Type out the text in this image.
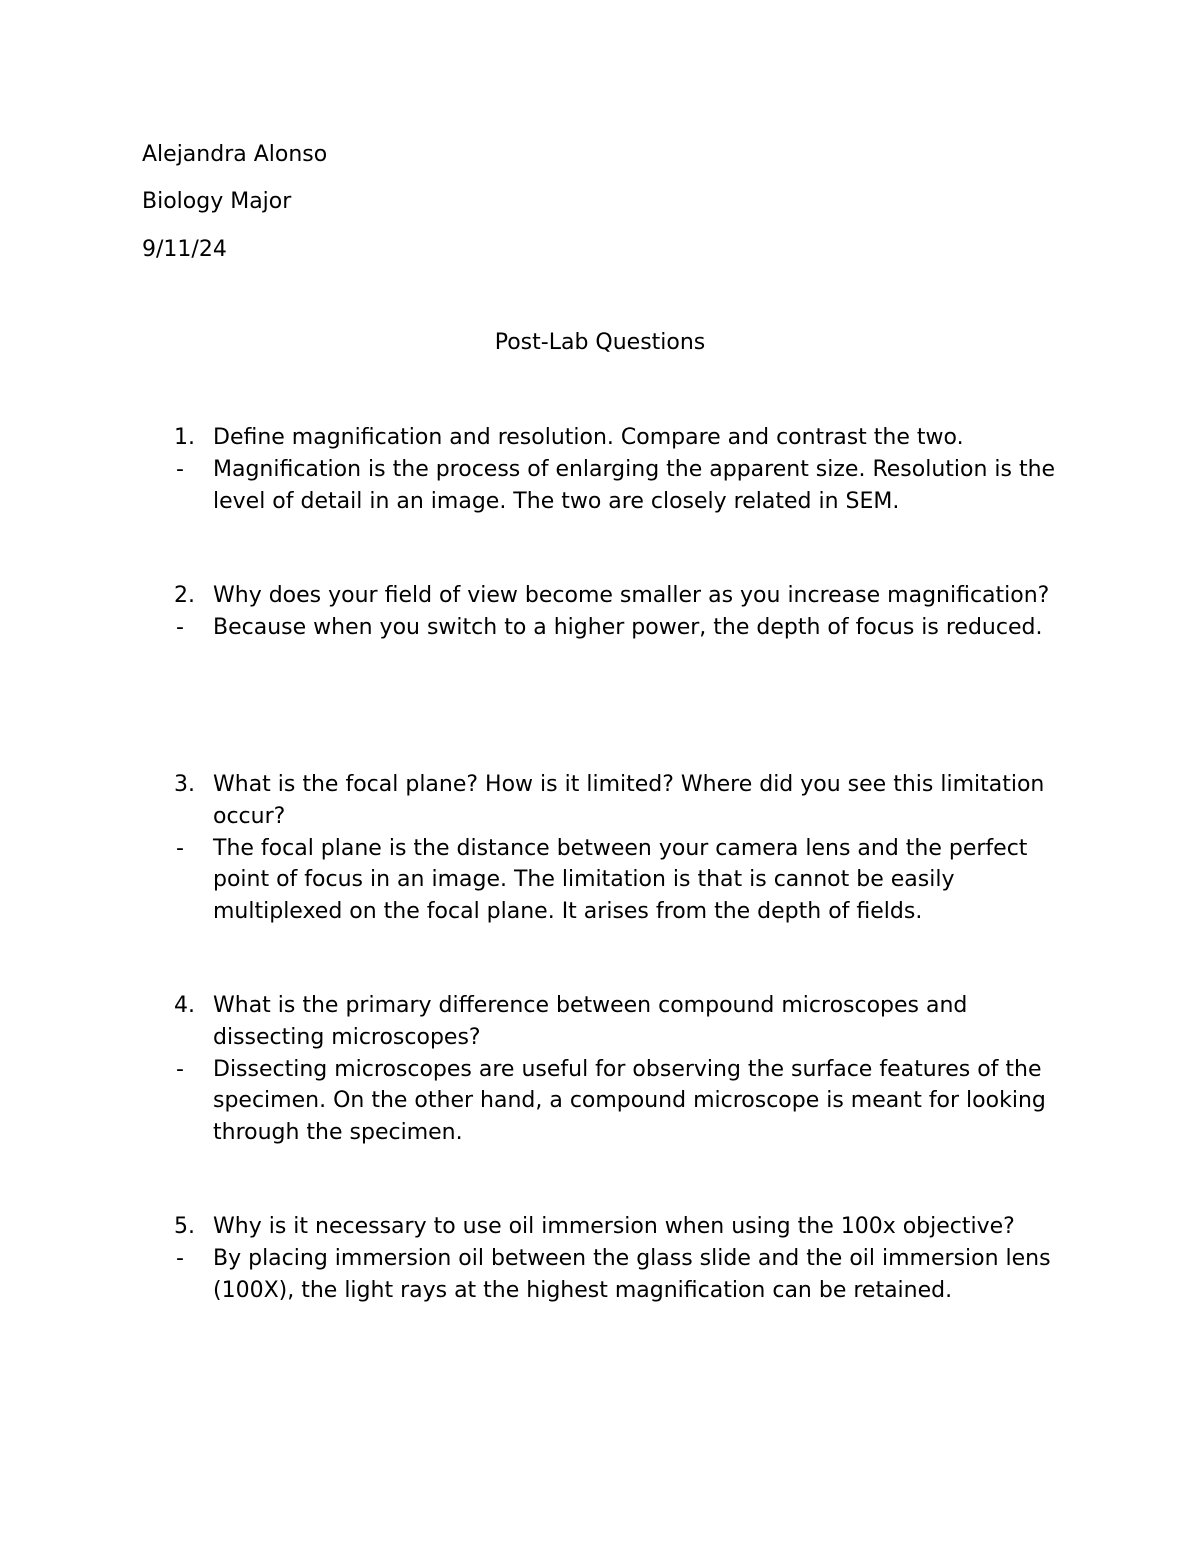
Alejandra Alonso
Biology Major
9/11/24
Post-Lab Questions
1. Define magnification and resolution. Compare and contrast the two.
- Magnification is the process of enlarging the apparent size. Resolution is the level of detail in an image. The two are closely related in SEM.
2. Why does your field of view become smaller as you increase magnification?
- Because when you switch to a higher power, the depth of focus is reduced.
3. What is the focal plane? How is it limited? Where did you see this limitation occur?
- The focal plane is the distance between your camera lens and the perfect point of focus in an image. The limitation is that is cannot be easily multiplexed on the focal plane. It arises from the depth of fields.
4. What is the primary difference between compound microscopes and dissecting microscopes?
- Dissecting microscopes are useful for observing the surface features of the specimen. On the other hand, a compound microscope is meant for looking through the specimen.
5. Why is it necessary to use oil immersion when using the 100x objective?
- By placing immersion oil between the glass slide and the oil immersion lens (100X), the light rays at the highest magnification can be retained.
